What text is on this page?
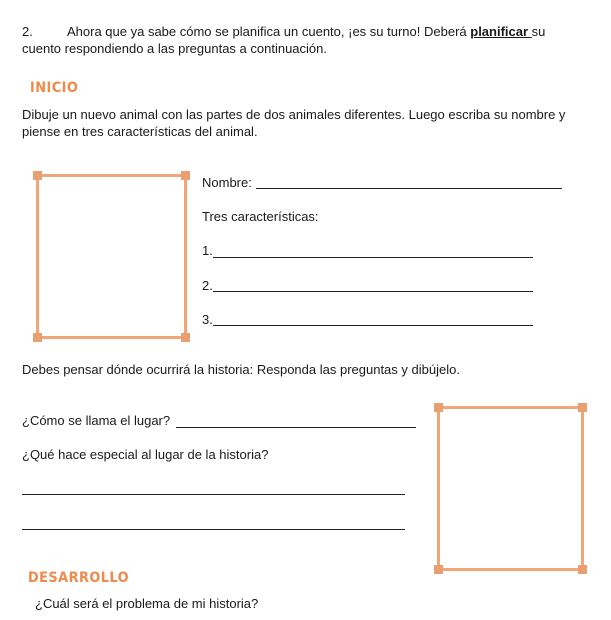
2.	Ahora que ya sabe cómo se planifica un cuento, ¡es su turno! Deberá planificar su
cuento respondiendo a las preguntas a continuación.
INICIO
Dibuje un nuevo animal con las partes de dos animales diferentes. Luego escriba su nombre y
piense en tres características del animal.
Nombre:
Tres características:
1.
2.
3.
Debes pensar dónde ocurrirá la historia: Responda las preguntas y dibújelo.
¿Cómo se llama el lugar?
¿Qué hace especial al lugar de la historia?
DESARROLLO
¿Cuál será el problema de mi historia?
